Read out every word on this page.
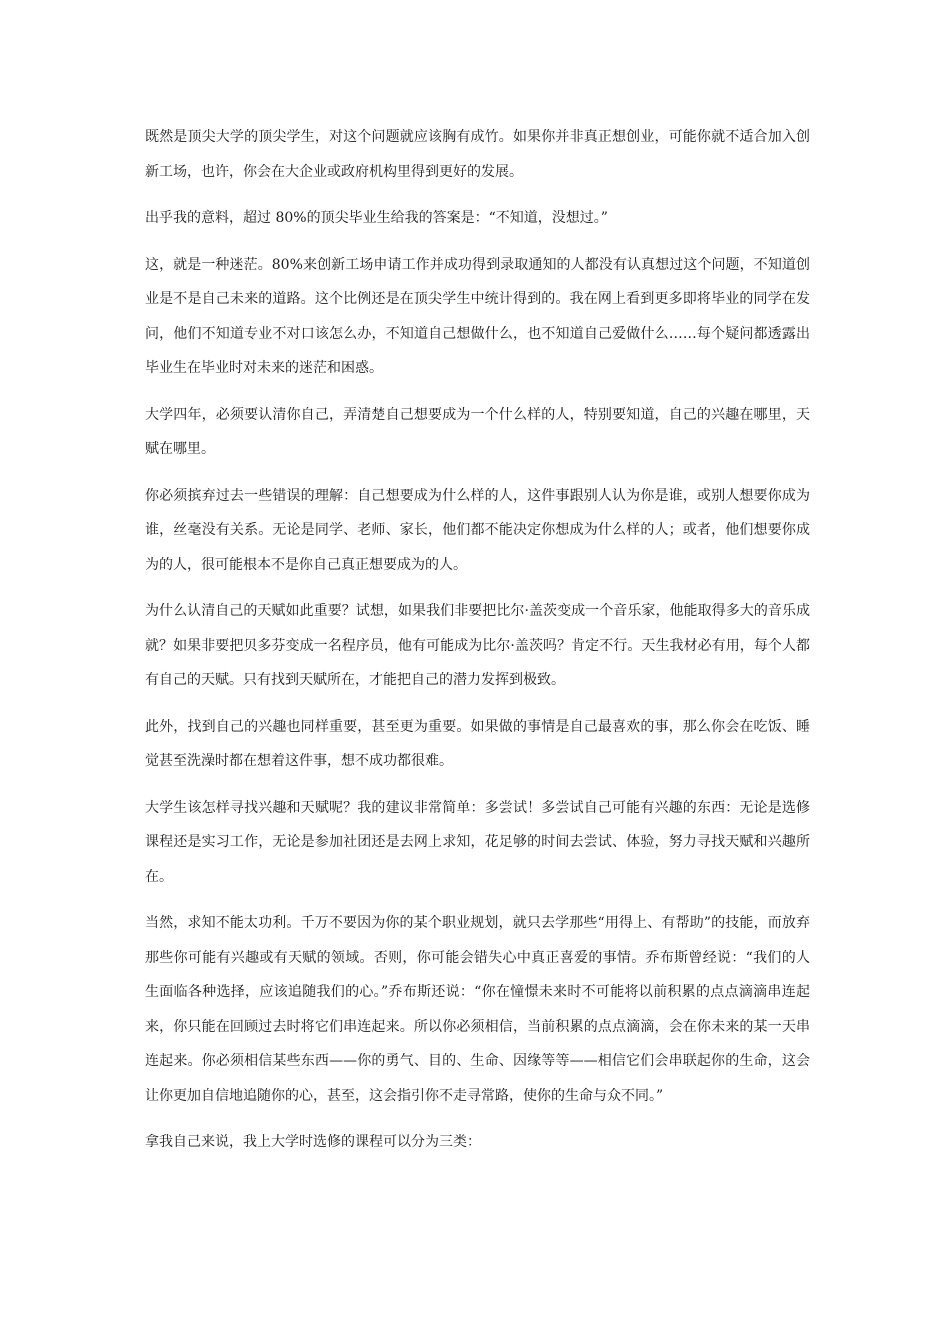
既然是顶尖大学的顶尖学生，对这个问题就应该胸有成竹。如果你并非真正想创业，可能你就不适合加入创新工场，也许，你会在大企业或政府机构里得到更好的发展。

出乎我的意料，超过 80%的顶尖毕业生给我的答案是：“不知道，没想过。”

这，就是一种迷茫。80%来创新工场申请工作并成功得到录取通知的人都没有认真想过这个问题，不知道创业是不是自己未来的道路。这个比例还是在顶尖学生中统计得到的。我在网上看到更多即将毕业的同学在发问，他们不知道专业不对口该怎么办，不知道自己想做什么，也不知道自己爱做什么……每个疑问都透露出毕业生在毕业时对未来的迷茫和困惑。

大学四年，必须要认清你自己，弄清楚自己想要成为一个什么样的人，特别要知道，自己的兴趣在哪里，天赋在哪里。

你必须摈弃过去一些错误的理解：自己想要成为什么样的人，这件事跟别人认为你是谁，或别人想要你成为谁，丝毫没有关系。无论是同学、老师、家长，他们都不能决定你想成为什么样的人；或者，他们想要你成为的人，很可能根本不是你自己真正想要成为的人。

为什么认清自己的天赋如此重要？试想，如果我们非要把比尔·盖茨变成一个音乐家，他能取得多大的音乐成就？如果非要把贝多芬变成一名程序员，他有可能成为比尔·盖茨吗？肯定不行。天生我材必有用，每个人都有自己的天赋。只有找到天赋所在，才能把自己的潜力发挥到极致。

此外，找到自己的兴趣也同样重要，甚至更为重要。如果做的事情是自己最喜欢的事，那么你会在吃饭、睡觉甚至洗澡时都在想着这件事，想不成功都很难。

大学生该怎样寻找兴趣和天赋呢？我的建议非常简单：多尝试！多尝试自己可能有兴趣的东西：无论是选修课程还是实习工作，无论是参加社团还是去网上求知，花足够的时间去尝试、体验，努力寻找天赋和兴趣所在。

当然，求知不能太功利。千万不要因为你的某个职业规划，就只去学那些“用得上、有帮助”的技能，而放弃那些你可能有兴趣或有天赋的领域。否则，你可能会错失心中真正喜爱的事情。乔布斯曾经说：“我们的人生面临各种选择，应该追随我们的心。”乔布斯还说：“你在憧憬未来时不可能将以前积累的点点滴滴串连起来，你只能在回顾过去时将它们串连起来。所以你必须相信，当前积累的点点滴滴，会在你未来的某一天串连起来。你必须相信某些东西——你的勇气、目的、生命、因缘等等——相信它们会串联起你的生命，这会让你更加自信地追随你的心，甚至，这会指引你不走寻常路，使你的生命与众不同。”

拿我自己来说，我上大学时选修的课程可以分为三类：
